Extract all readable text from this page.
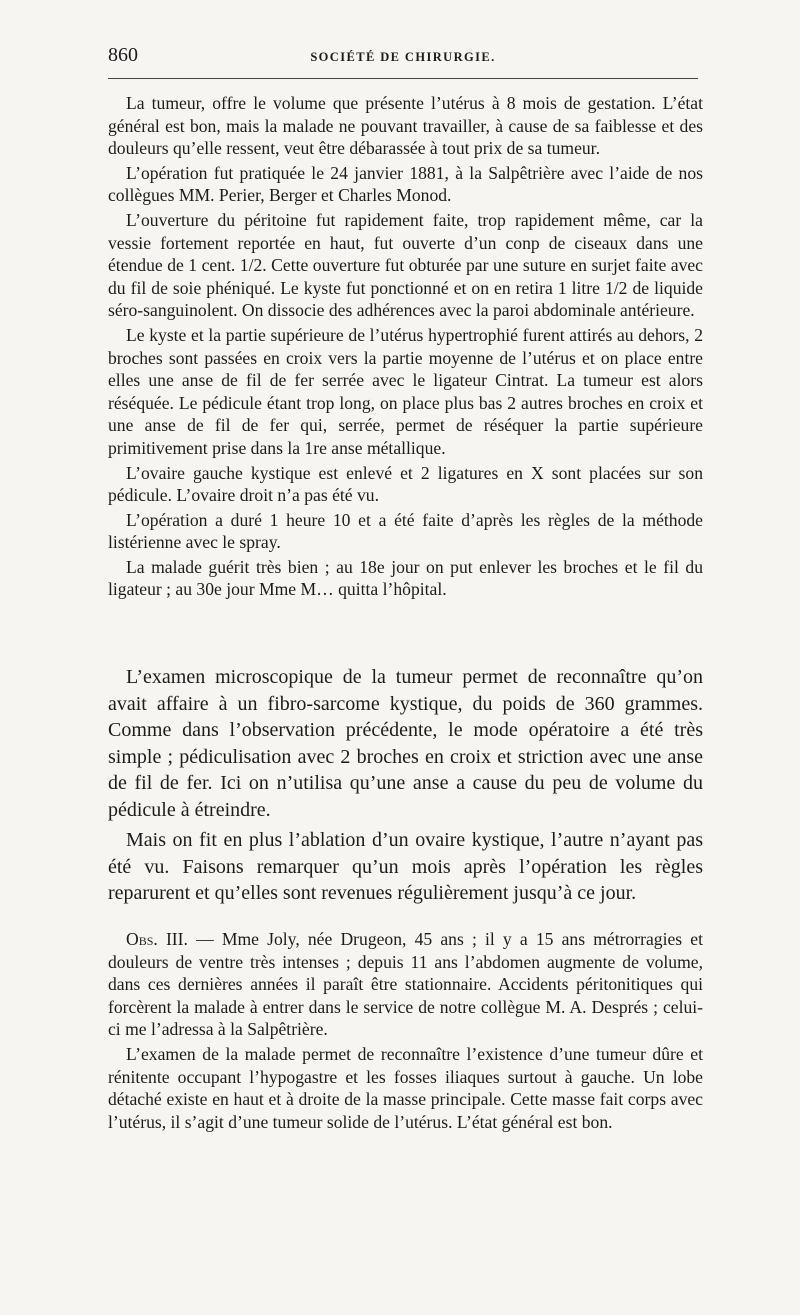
860	SOCIÉTÉ DE CHIRURGIE.

La tumeur, offre le volume que présente l’utérus à 8 mois de gestation. L’état général est bon, mais la malade ne pouvant travailler, à cause de sa faiblesse et des douleurs qu’elle ressent, veut être débarassée à tout prix de sa tumeur.

L’opération fut pratiquée le 24 janvier 1881, à la Salpêtrière avec l’aide de nos collègues MM. Perier, Berger et Charles Monod.

L’ouverture du péritoine fut rapidement faite, trop rapidement même, car la vessie fortement reportée en haut, fut ouverte d’un conp de ciseaux dans une étendue de 1 cent. 1/2. Cette ouverture fut obturée par une suture en surjet faite avec du fil de soie phéniqué. Le kyste fut ponctionné et on en retira 1 litre 1/2 de liquide séro-sanguinolent. On dissocie des adhérences avec la paroi abdominale antérieure.

Le kyste et la partie supérieure de l’utérus hypertrophié furent attirés au dehors, 2 broches sont passées en croix vers la partie moyenne de l’utérus et on place entre elles une anse de fil de fer serrée avec le ligateur Cintrat. La tumeur est alors réséquée. Le pédicule étant trop long, on place plus bas 2 autres broches en croix et une anse de fil de fer qui, serrée, permet de réséquer la partie supérieure primitivement prise dans la 1re anse métallique.

L’ovaire gauche kystique est enlevé et 2 ligatures en X sont placées sur son pédicule. L’ovaire droit n’a pas été vu.

L’opération a duré 1 heure 10 et a été faite d’après les règles de la méthode listérienne avec le spray.

La malade guérit très bien ; au 18e jour on put enlever les broches et le fil du ligateur ; au 30e jour Mme M… quitta l’hôpital.

L’examen microscopique de la tumeur permet de reconnaître qu’on avait affaire à un fibro-sarcome kystique, du poids de 360 grammes. Comme dans l’observation précédente, le mode opératoire a été très simple ; pédiculisation avec 2 broches en croix et striction avec une anse de fil de fer. Ici on n’utilisa qu’une anse a cause du peu de volume du pédicule à étreindre.

Mais on fit en plus l’ablation d’un ovaire kystique, l’autre n’ayant pas été vu. Faisons remarquer qu’un mois après l’opération les règles reparurent et qu’elles sont revenues régulièrement jusqu’à ce jour.

Obs. III. — Mme Joly, née Drugeon, 45 ans ; il y a 15 ans métrorragies et douleurs de ventre très intenses ; depuis 11 ans l’abdomen augmente de volume, dans ces dernières années il paraît être stationnaire. Accidents péritonitiques qui forcèrent la malade à entrer dans le service de notre collègue M. A. Després ; celui-ci me l’adressa à la Salpêtrière.

L’examen de la malade permet de reconnaître l’existence d’une tumeur dûre et rénitente occupant l’hypogastre et les fosses iliaques surtout à gauche. Un lobe détaché existe en haut et à droite de la masse principale. Cette masse fait corps avec l’utérus, il s’agit d’une tumeur solide de l’utérus. L’état général est bon.
